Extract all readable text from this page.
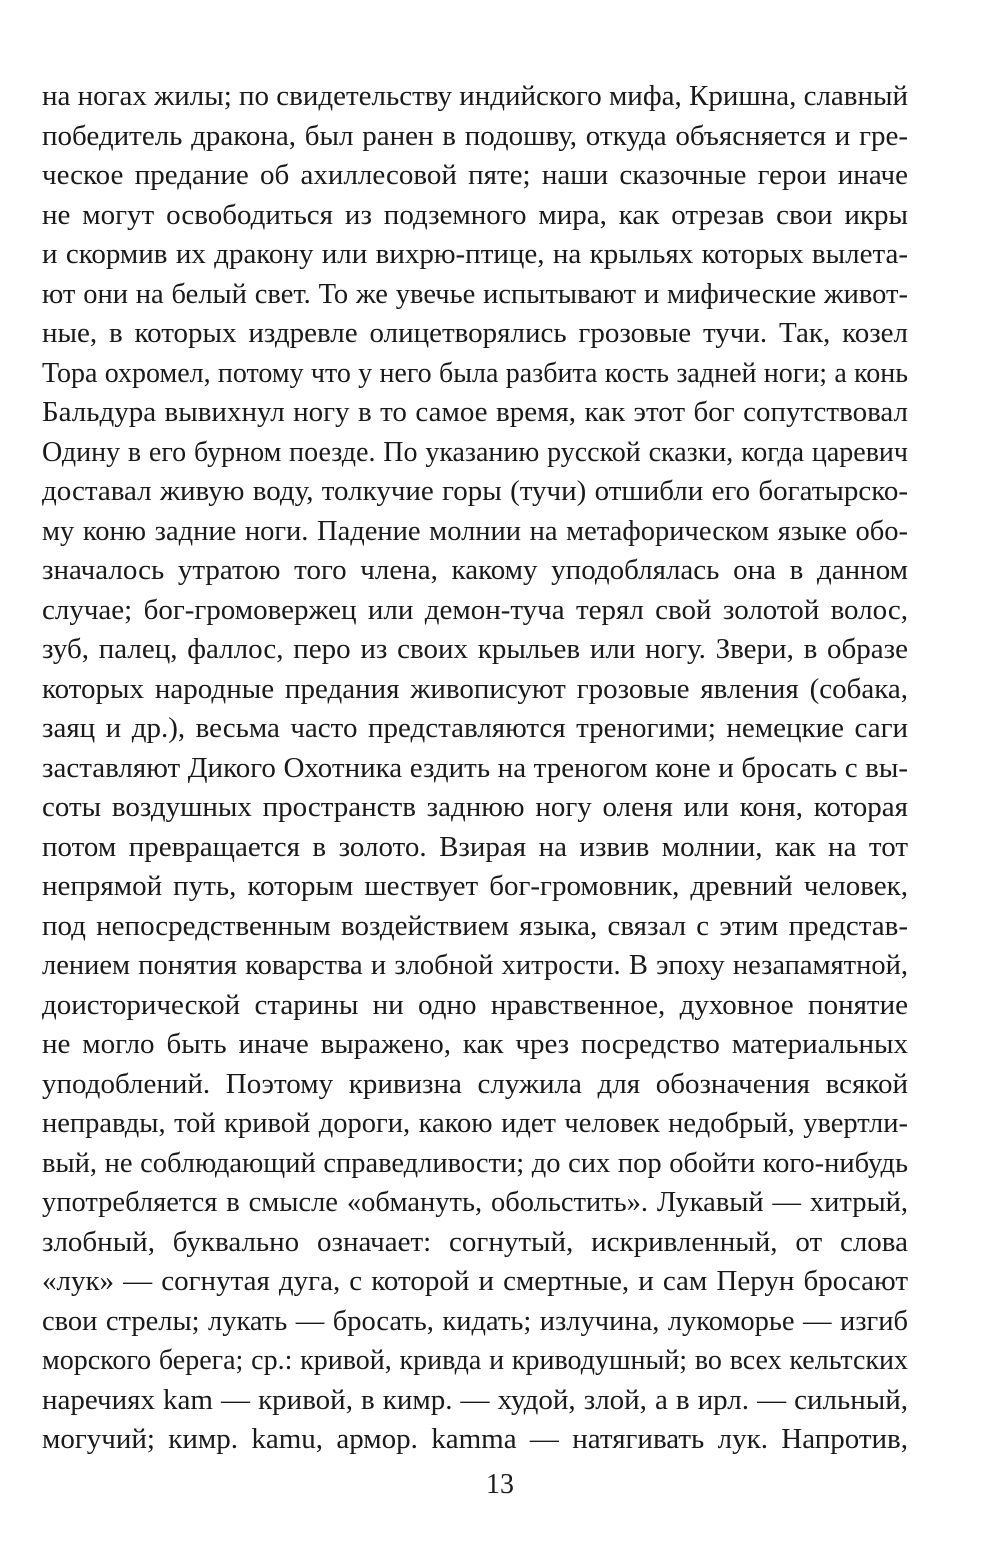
на ногах жилы; по свидетельству индийского мифа, Кришна, славный
победитель дракона, был ранен в подошву, откуда объясняется и гре-
ческое предание об ахиллесовой пяте; наши сказочные герои иначе
не могут освободиться из подземного мира, как отрезав свои икры
и скормив их дракону или вихрю-птице, на крыльях которых вылета-
ют они на белый свет. То же увечье испытывают и мифические живот-
ные, в которых издревле олицетворялись грозовые тучи. Так, козел
Тора охромел, потому что у него была разбита кость задней ноги; а конь
Бальдура вывихнул ногу в то самое время, как этот бог сопутствовал
Одину в его бурном поезде. По указанию русской сказки, когда царевич
доставал живую воду, толкучие горы (тучи) отшибли его богатырско-
му коню задние ноги. Падение молнии на метафорическом языке обо-
значалось утратою того члена, какому уподоблялась она в данном
случае; бог-громовержец или демон-туча терял свой золотой волос,
зуб, палец, фаллос, перо из своих крыльев или ногу. Звери, в образе
которых народные предания живописуют грозовые явления (собака,
заяц и др.), весьма часто представляются треногими; немецкие саги
заставляют Дикого Охотника ездить на треногом коне и бросать с вы-
соты воздушных пространств заднюю ногу оленя или коня, которая
потом превращается в золото. Взирая на извив молнии, как на тот
непрямой путь, которым шествует бог-громовник, древний человек,
под непосредственным воздействием языка, связал с этим представ-
лением понятия коварства и злобной хитрости. В эпоху незапамятной,
доисторической старины ни одно нравственное, духовное понятие
не могло быть иначе выражено, как чрез посредство материальных
уподоблений. Поэтому кривизна служила для обозначения всякой
неправды, той кривой дороги, какою идет человек недобрый, увертли-
вый, не соблюдающий справедливости; до сих пор обойти кого-нибудь
употребляется в смысле «обмануть, обольстить». Лукавый — хитрый,
злобный, буквально означает: согнутый, искривленный, от слова
«лук» — согнутая дуга, с которой и смертные, и сам Перун бросают
свои стрелы; лукать — бросать, кидать; излучина, лукоморье — изгиб
морского берега; ср.: кривой, кривда и криводушный; во всех кельтских
наречиях kam — кривой, в кимр. — худой, злой, а в ирл. — сильный,
могучий; кимр. kamu, армор. kamma — натягивать лук. Напротив,
13
